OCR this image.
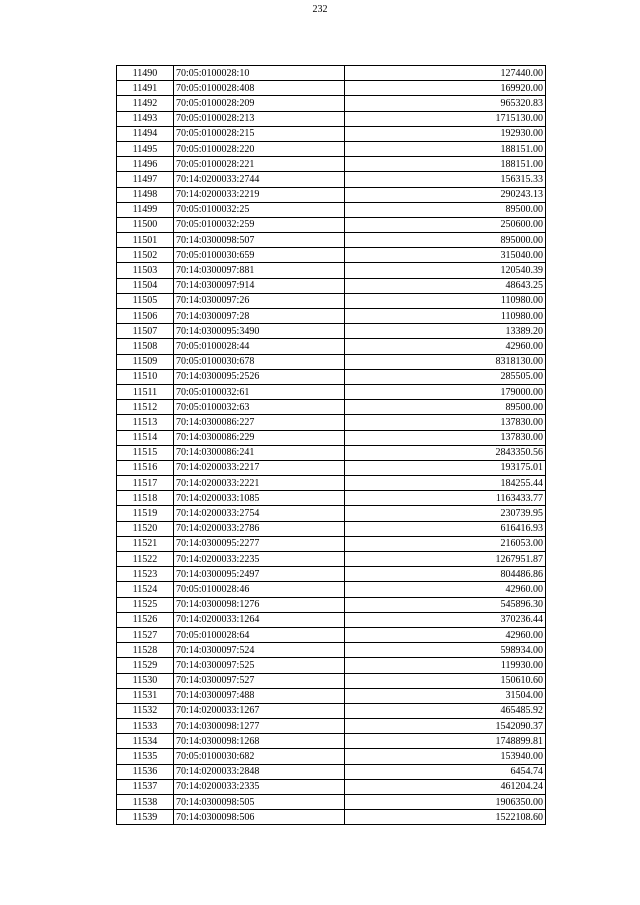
232
11490	70:05:0100028:10	127440.00
11491	70:05:0100028:408	169920.00
11492	70:05:0100028:209	965320.83
11493	70:05:0100028:213	1715130.00
11494	70:05:0100028:215	192930.00
11495	70:05:0100028:220	188151.00
11496	70:05:0100028:221	188151.00
11497	70:14:0200033:2744	156315.33
11498	70:14:0200033:2219	290243.13
11499	70:05:0100032:25	89500.00
11500	70:05:0100032:259	250600.00
11501	70:14:0300098:507	895000.00
11502	70:05:0100030:659	315040.00
11503	70:14:0300097:881	120540.39
11504	70:14:0300097:914	48643.25
11505	70:14:0300097:26	110980.00
11506	70:14:0300097:28	110980.00
11507	70:14:0300095:3490	13389.20
11508	70:05:0100028:44	42960.00
11509	70:05:0100030:678	8318130.00
11510	70:14:0300095:2526	285505.00
11511	70:05:0100032:61	179000.00
11512	70:05:0100032:63	89500.00
11513	70:14:0300086:227	137830.00
11514	70:14:0300086:229	137830.00
11515	70:14:0300086:241	2843350.56
11516	70:14:0200033:2217	193175.01
11517	70:14:0200033:2221	184255.44
11518	70:14:0200033:1085	1163433.77
11519	70:14:0200033:2754	230739.95
11520	70:14:0200033:2786	616416.93
11521	70:14:0300095:2277	216053.00
11522	70:14:0200033:2235	1267951.87
11523	70:14:0300095:2497	804486.86
11524	70:05:0100028:46	42960.00
11525	70:14:0300098:1276	545896.30
11526	70:14:0200033:1264	370236.44
11527	70:05:0100028:64	42960.00
11528	70:14:0300097:524	598934.00
11529	70:14:0300097:525	119930.00
11530	70:14:0300097:527	150610.60
11531	70:14:0300097:488	31504.00
11532	70:14:0200033:1267	465485.92
11533	70:14:0300098:1277	1542090.37
11534	70:14:0300098:1268	1748899.81
11535	70:05:0100030:682	153940.00
11536	70:14:0200033:2848	6454.74
11537	70:14:0200033:2335	461204.24
11538	70:14:0300098:505	1906350.00
11539	70:14:0300098:506	1522108.60
